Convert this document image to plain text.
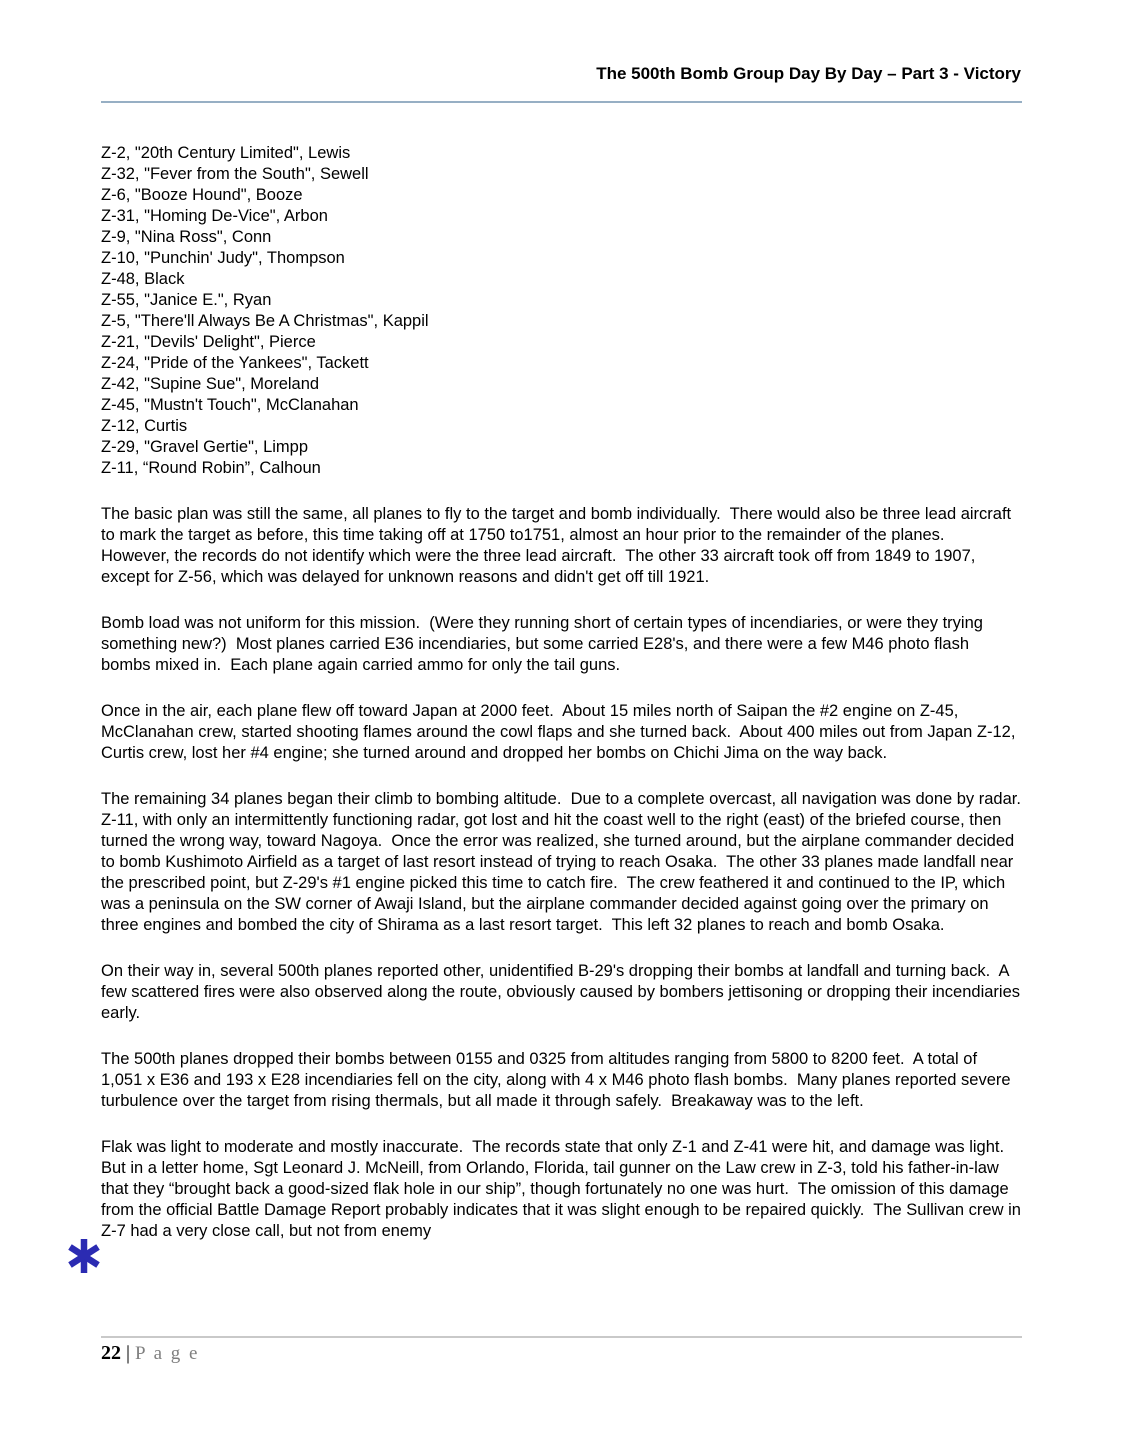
The 500th Bomb Group Day By Day – Part 3 - Victory
Z-2, "20th Century Limited", Lewis
Z-32, "Fever from the South", Sewell
Z-6, "Booze Hound", Booze
Z-31, "Homing De-Vice", Arbon
Z-9, "Nina Ross", Conn
Z-10, "Punchin' Judy", Thompson
Z-48, Black
Z-55, "Janice E.", Ryan
Z-5, "There'll Always Be A Christmas", Kappil
Z-21, "Devils' Delight", Pierce
Z-24, "Pride of the Yankees", Tackett
Z-42, "Supine Sue", Moreland
Z-45, "Mustn't Touch", McClanahan
Z-12, Curtis
Z-29, "Gravel Gertie", Limpp
Z-11, “Round Robin”, Calhoun

The basic plan was still the same, all planes to fly to the target and bomb individually.  There would also be three lead aircraft to mark the target as before, this time taking off at 1750 to1751, almost an hour prior to the remainder of the planes.  However, the records do not identify which were the three lead aircraft.  The other 33 aircraft took off from 1849 to 1907, except for Z-56, which was delayed for unknown reasons and didn't get off till 1921.

Bomb load was not uniform for this mission.  (Were they running short of certain types of incendiaries, or were they trying something new?)  Most planes carried E36 incendiaries, but some carried E28's, and there were a few M46 photo flash bombs mixed in.  Each plane again carried ammo for only the tail guns.

Once in the air, each plane flew off toward Japan at 2000 feet.  About 15 miles north of Saipan the #2 engine on Z-45, McClanahan crew, started shooting flames around the cowl flaps and she turned back.  About 400 miles out from Japan Z-12, Curtis crew, lost her #4 engine; she turned around and dropped her bombs on Chichi Jima on the way back.

The remaining 34 planes began their climb to bombing altitude.  Due to a complete overcast, all navigation was done by radar.  Z-11, with only an intermittently functioning radar, got lost and hit the coast well to the right (east) of the briefed course, then turned the wrong way, toward Nagoya.  Once the error was realized, she turned around, but the airplane commander decided to bomb Kushimoto Airfield as a target of last resort instead of trying to reach Osaka.  The other 33 planes made landfall near the prescribed point, but Z-29's #1 engine picked this time to catch fire.  The crew feathered it and continued to the IP, which was a peninsula on the SW corner of Awaji Island, but the airplane commander decided against going over the primary on three engines and bombed the city of Shirama as a last resort target.  This left 32 planes to reach and bomb Osaka.

On their way in, several 500th planes reported other, unidentified B-29's dropping their bombs at landfall and turning back.  A few scattered fires were also observed along the route, obviously caused by bombers jettisoning or dropping their incendiaries early.

The 500th planes dropped their bombs between 0155 and 0325 from altitudes ranging from 5800 to 8200 feet.  A total of 1,051 x E36 and 193 x E28 incendiaries fell on the city, along with 4 x M46 photo flash bombs.  Many planes reported severe turbulence over the target from rising thermals, but all made it through safely.  Breakaway was to the left.

Flak was light to moderate and mostly inaccurate.  The records state that only Z-1 and Z-41 were hit, and damage was light.  But in a letter home, Sgt Leonard J. McNeill, from Orlando, Florida, tail gunner on the Law crew in Z-3, told his father-in-law that they “brought back a good-sized flak hole in our ship”, though fortunately no one was hurt.  The omission of this damage from the official Battle Damage Report probably indicates that it was slight enough to be repaired quickly.  The Sullivan crew in Z-7 had a very close call, but not from enemy

22 | P a g e
